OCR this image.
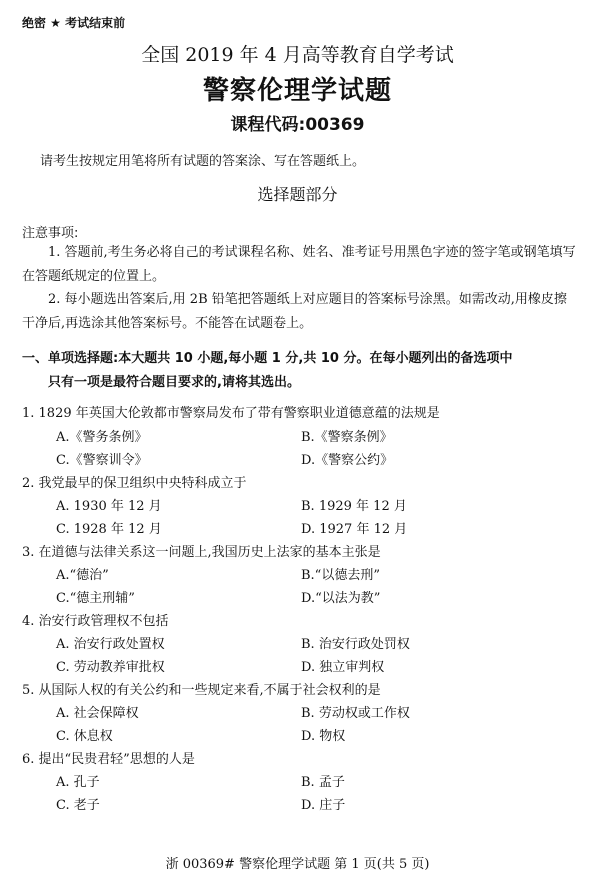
绝密 ★ 考试结束前
全国 2019 年 4 月高等教育自学考试
警察伦理学试题
课程代码:00369
请考生按规定用笔将所有试题的答案涂、写在答题纸上。
选择题部分
注意事项:
1. 答题前,考生务必将自己的考试课程名称、姓名、准考证号用黑色字迹的签字笔或钢笔填写在答题纸规定的位置上。
2. 每小题选出答案后,用 2B 铅笔把答题纸上对应题目的答案标号涂黑。如需改动,用橡皮擦干净后,再选涂其他答案标号。不能答在试题卷上。
一、单项选择题:本大题共 10 小题,每小题 1 分,共 10 分。在每小题列出的备选项中
只有一项是最符合题目要求的,请将其选出。
1. 1829 年英国大伦敦都市警察局发布了带有警察职业道德意蕴的法规是
A.《警务条例》	B.《警察条例》
C.《警察训令》	D.《警察公约》
2. 我党最早的保卫组织中央特科成立于
A. 1930 年 12 月	B. 1929 年 12 月
C. 1928 年 12 月	D. 1927 年 12 月
3. 在道德与法律关系这一问题上,我国历史上法家的基本主张是
A.“德治”	B.“以德去刑”
C.“德主刑辅”	D.“以法为教”
4. 治安行政管理权不包括
A. 治安行政处置权	B. 治安行政处罚权
C. 劳动教养审批权	D. 独立审判权
5. 从国际人权的有关公约和一些规定来看,不属于社会权利的是
A. 社会保障权	B. 劳动权或工作权
C. 休息权	D. 物权
6. 提出“民贵君轻”思想的人是
A. 孔子	B. 孟子
C. 老子	D. 庄子
浙 00369# 警察伦理学试题 第 1 页(共 5 页)
